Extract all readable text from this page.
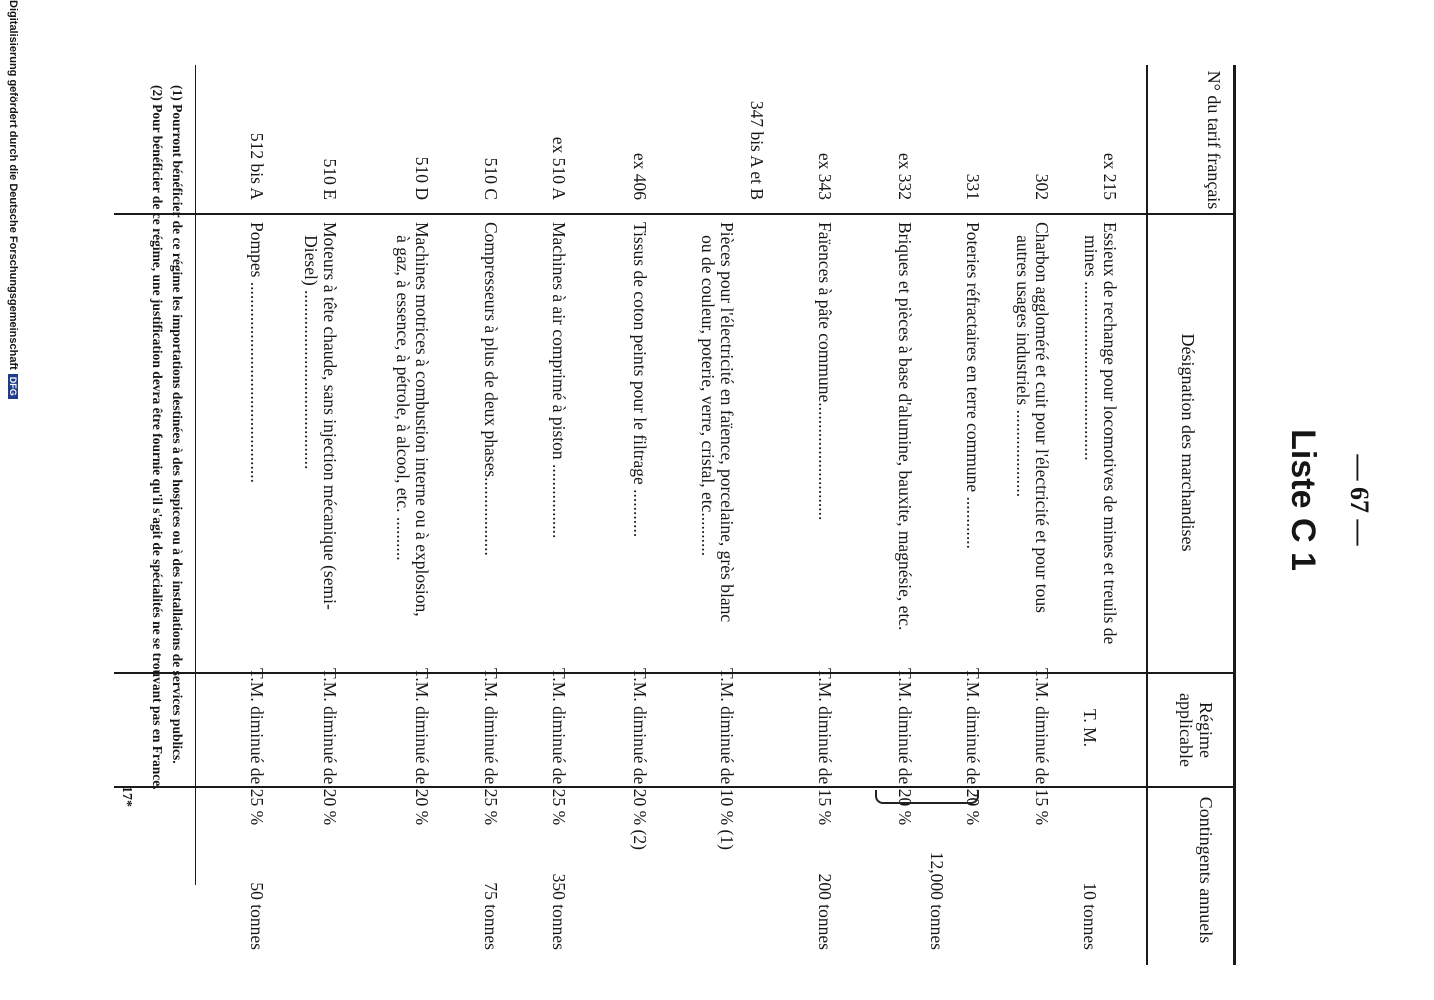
— 67 —
Liste C 1
N° du tarif français
Désignation des marchandises
Régime applicable
Contingents annuels
ex 215
Essieux de rechange pour locomotives de mines et treuils de
mines .........................................
T. M.
10 tonnes
302
Charbon aggloméré et cuit pour l'électricité et pour tous
autres usages industriels ....................
T.M. diminué de 15 %
331
Poteries réfractaires en terre commune ............
T.M. diminué de 20 %
ex 332
Briques et pièces à base d'alumine, bauxite, magnésie, etc.
T.M. diminué de 20 %
12,000 tonnes
ex 343
Faïences à pâte commune...........................
T.M. diminué de 15 %
200 tonnes
347 bis A et B
Pièces pour l'électricité en faïence, porcelaine, grès blanc
ou de couleur, poterie, verre, cristal, etc..........
T.M. diminué de 10 % (1)
ex 406
Tissus de coton peints pour le filtrage ...........
T.M. diminué de 20 % (2)
ex 510 A
Machines à air comprimé à piston .................
T.M. diminué de 25 %
350 tonnes
510 C
Compresseurs à plus de deux phases..................
T.M. diminué de 25 %
75 tonnes
510 D
Machines motrices à combustion interne ou à explosion,
à gaz, à essence, à pétrole, à alcool, etc. ..........
T.M. diminué de 20 %
510 E
Moteurs à tête chaude, sans injection mécanique (semi-
Diesel) .........................................
T.M. diminué de 20 %
512 bis A
Pompes ..............................................
T.M. diminué de 25 %
50 tonnes
(1) Pourront bénéficier de ce régime les importations destinées à des hospices ou à des installations de services publics.
(2) Pour bénéficier de ce régime, une justification devra être fournie qu'il s'agit de spécialités ne se trouvant pas en France.
17*
Digitalisierung gefördert durch die Deutsche ForschungsgemeinschaftDFG
